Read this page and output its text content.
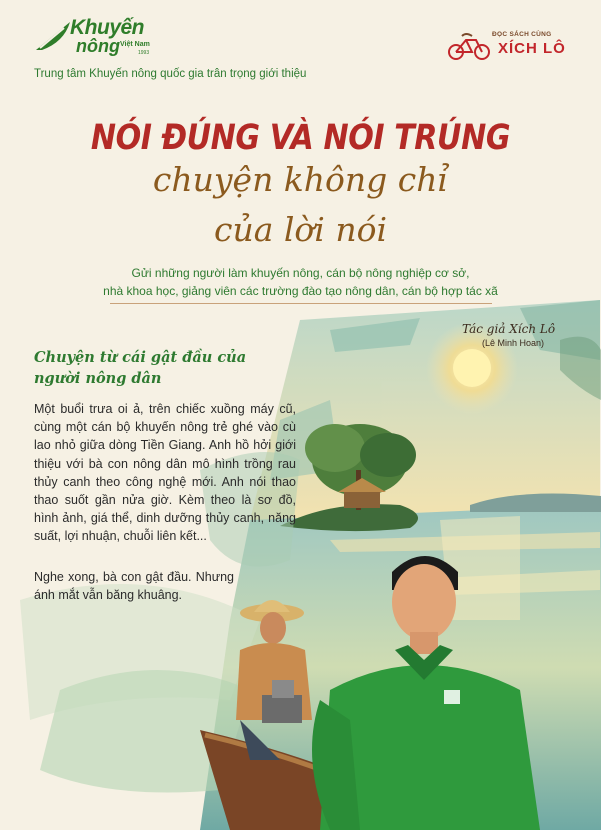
Khuyến
nông Việt Nam
1993
Trung tâm Khuyến nông quốc gia trân trọng giới thiệu
ĐỌC SÁCH CÙNG
XÍCH LÔ
NÓI ĐÚNG VÀ NÓI TRÚNG
chuyện không chỉ
của lời nói
Gửi những người làm khuyến nông, cán bộ nông nghiệp cơ sở,
nhà khoa học, giảng viên các trường đào tạo nông dân, cán bộ hợp tác xã
Tác giả Xích Lô
(Lê Minh Hoan)
Chuyện từ cái gật đầu của người nông dân
Một buổi trưa oi ả, trên chiếc xuồng máy cũ, cùng một cán bộ khuyến nông trẻ ghé vào cù lao nhỏ giữa dòng Tiền Giang. Anh hồ hởi giới thiệu với bà con nông dân mô hình trồng rau thủy canh theo công nghệ mới. Anh nói thao thao suốt gần nửa giờ. Kèm theo là sơ đồ, hình ảnh, giá thể, dinh dưỡng thủy canh, năng suất, lợi nhuận, chuỗi liên kết...
Nghe xong, bà con gật đầu. Nhưng ánh mắt vẫn băng khuâng.
